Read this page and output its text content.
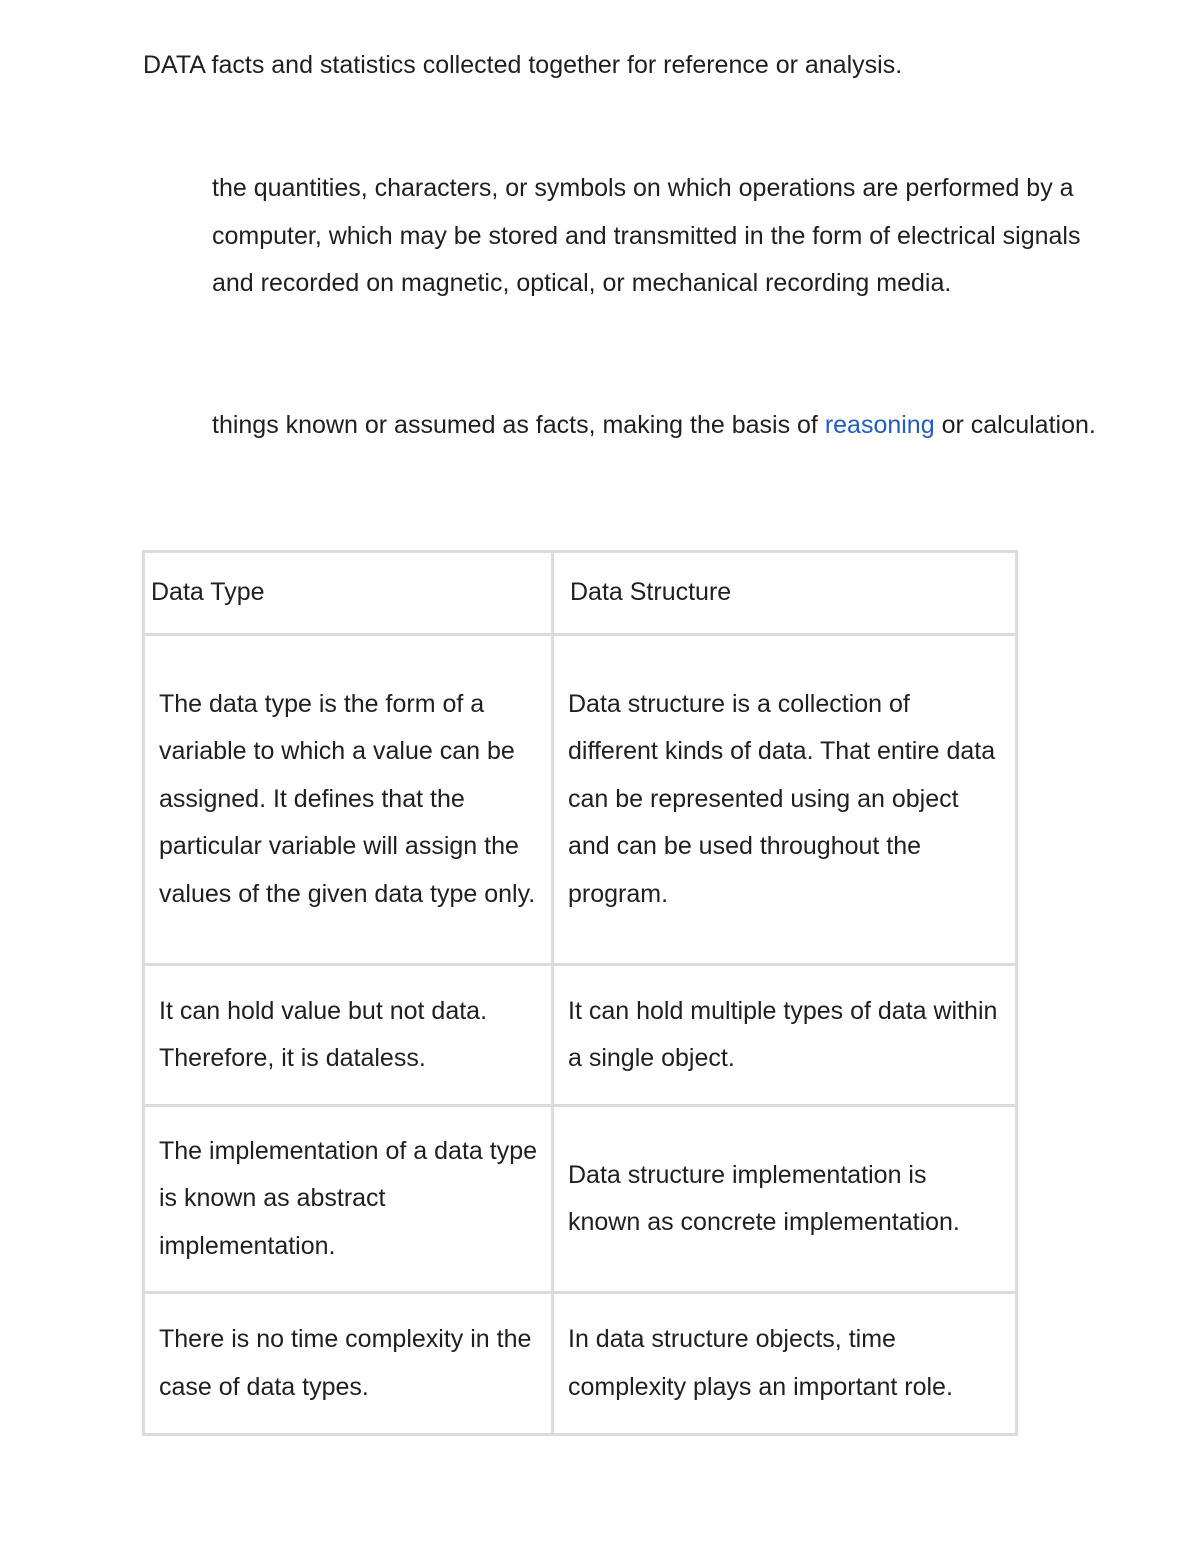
DATA facts and statistics collected together for reference or analysis.

the quantities, characters, or symbols on which operations are performed by a computer, which may be stored and transmitted in the form of electrical signals and recorded on magnetic, optical, or mechanical recording media.

things known or assumed as facts, making the basis of reasoning or calculation.

Data Type	Data Structure
The data type is the form of a variable to which a value can be assigned. It defines that the particular variable will assign the values of the given data type only.	Data structure is a collection of different kinds of data. That entire data can be represented using an object and can be used throughout the program.
It can hold value but not data. Therefore, it is dataless.	It can hold multiple types of data within a single object.
The implementation of a data type is known as abstract implementation.	Data structure implementation is known as concrete implementation.
There is no time complexity in the case of data types.	In data structure objects, time complexity plays an important role.
